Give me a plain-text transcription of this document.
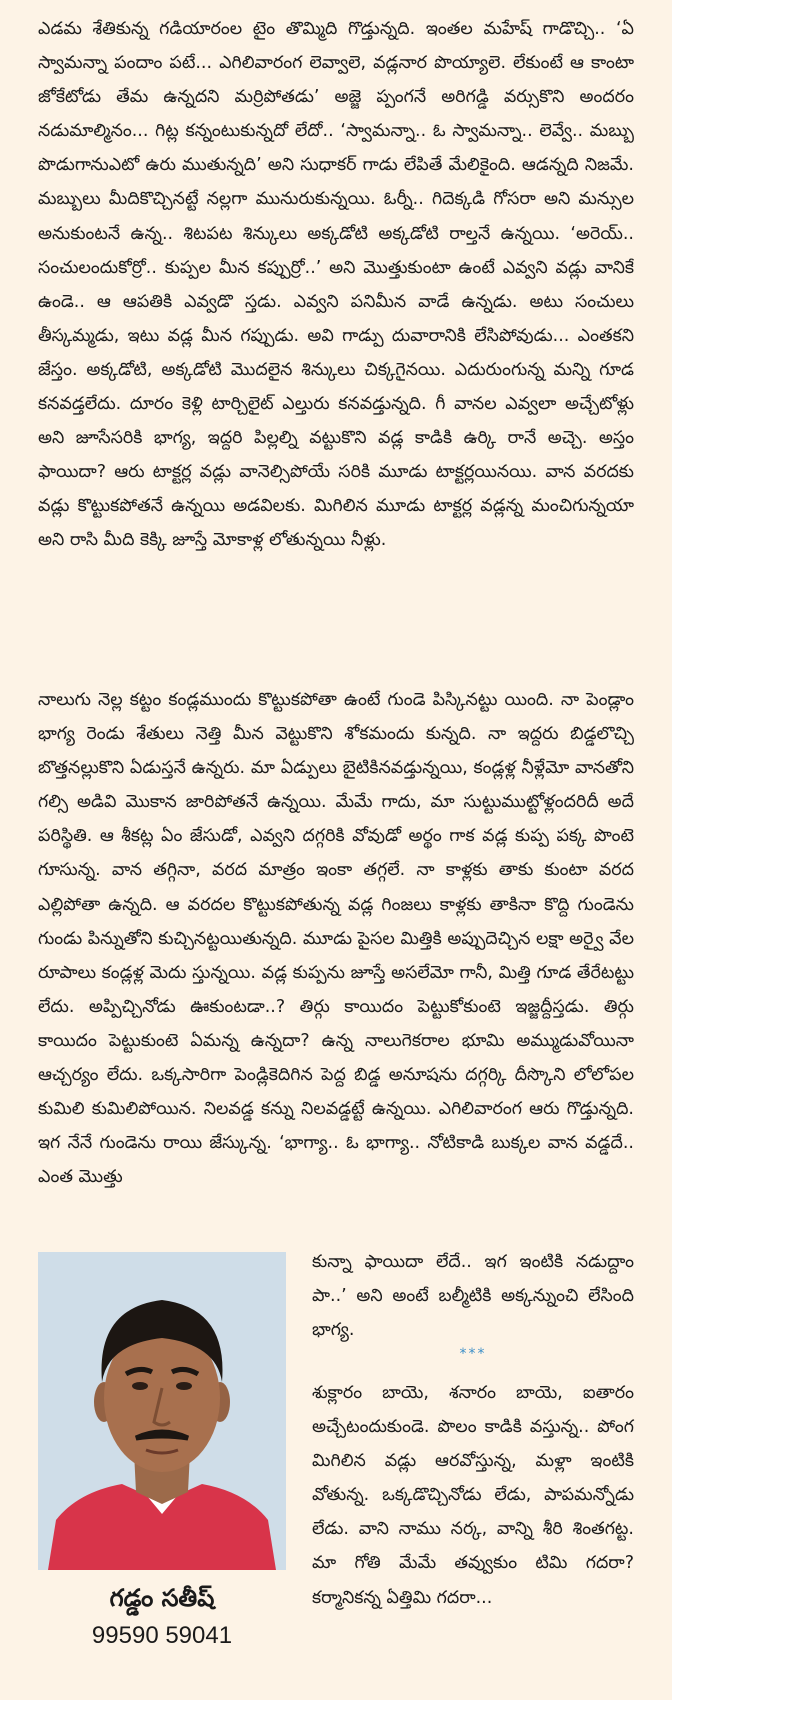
ఎడమ శేతికున్న గడియారంల టైం తొమ్మిది గొడ్తున్నది. ఇంతల మహేష్ గాడొచ్చి.. ‘ఏ స్వామన్నా పందాం పటే... ఎగిలివారంగ లెవ్వాలె, వడ్లనార పొయ్యాలె. లేకుంటే ఆ కాంటా జోకేటోడు తేమ ఉన్నదని మర్రిపోతడు’ అజ్జె ప్పంగనే అరిగడ్డి వర్సుకొని అందరం నడుమాల్మినం... గిట్ల కన్నంటుకున్నదో లేదో.. ‘స్వామన్నా.. ఓ స్వామన్నా.. లెవ్వే.. మబ్బు పొడుగానుఎటో ఉరు ముతున్నది’ అని సుధాకర్ గాడు లేపితే మేలికైంది. ఆడన్నది నిజమే. మబ్బులు మీదికొచ్చినట్టే నల్లగా మునురుకున్నయి. ఓర్నీ.. గిదెక్కడి గోసరా అని మన్సుల అనుకుంటనే ఉన్న.. శిటపట శిన్కులు అక్కడోటి అక్కడోటి రాల్తనే ఉన్నయి. ‘అరెయ్.. సంచులందుకోర్రో.. కుప్పల మీన కప్పుర్రో..’ అని మొత్తుకుంటా ఉంటే ఎవ్వని వడ్లు వానికే ఉండె.. ఆ ఆపతికి ఎవ్వడొ స్తడు. ఎవ్వని పనిమీన వాడే ఉన్నడు. అటు సంచులు తీస్కమ్మడు, ఇటు వడ్ల మీన గప్పుడు. అవి గాడ్పు దువారానికి లేసిపోవుడు... ఎంతకని జేస్తం. అక్కడోటి, అక్కడోటి మొదలైన శిన్కులు చిక్కగైనయి. ఎదురుంగున్న మన్ని గూడ కనవడ్తలేదు. దూరం కెళ్లి టార్చిలైట్ ఎల్తురు కనవడ్తున్నది. గీ వానల ఎవ్వలా అచ్చేటోళ్లు అని జూసేసరికి భాగ్య, ఇద్దరి పిల్లల్ని వట్టుకొని వడ్ల కాడికి ఉర్కి రానే అచ్చె. అస్తం ఫాయిదా? ఆరు టాక్టర్ల వడ్లు వానెల్సిపోయే సరికి మూడు టాక్టర్లయినయి. వాన వరదకు వడ్లు కొట్టుకపోతనే ఉన్నయి అడవిలకు. మిగిలిన మూడు టాక్టర్ల వడ్లన్న మంచిగున్నయా అని రాసి మీది కెక్కి జూస్తే మోకాళ్ల లోతున్నయి నీళ్లు.

నాలుగు నెల్ల కట్టం కండ్లముందు కొట్టుకపోతా ఉంటే గుండె పిస్కినట్టు యింది. నా పెండ్లాం భాగ్య రెండు శేతులు నెత్తి మీన వెట్టుకొని శోకమందు కున్నది. నా ఇద్దరు బిడ్డలొచ్చి బొత్తనల్లుకొని ఏడుస్తనే ఉన్నరు. మా ఏడ్పులు బైటికినవడ్తున్నయి, కండ్లళ్ల నీళ్లేమో వానతోని గల్సి అడివి మొకాన జారిపోతనే ఉన్నయి. మేమే గాదు, మా సుట్టుముట్టోళ్లందరిదీ అదే పరిస్థితి. ఆ శీకట్ల ఏం జేసుడో, ఎవ్వని దగ్గరికి వోవుడో అర్థం గాక వడ్ల కుప్ప పక్క పొంటె గూసున్న. వాన తగ్గినా, వరద మాత్రం ఇంకా తగ్గలే. నా కాళ్లకు తాకు కుంటా వరద ఎల్లిపోతా ఉన్నది. ఆ వరదల కొట్టుకపోతున్న వడ్ల గింజలు కాళ్లకు తాకినా కొద్ది గుండెను గుండు పిన్నుతోని కుచ్చినట్టయితున్నది. మూడు పైసల మిత్తికి అప్పుదెచ్చిన లక్షా అర్వై వేల రూపాలు కండ్లళ్ల మెదు స్తున్నయి. వడ్ల కుప్పను జూస్తే అసలేమో గానీ, మిత్తి గూడ తేరేటట్టు లేదు. అప్పిచ్చినోడు ఊకుంటడా..? తిర్గు కాయిదం పెట్టుకోకుంటె ఇజ్జద్దీస్తడు. తిర్గు కాయిదం పెట్టుకుంటె ఏమన్న ఉన్నదా? ఉన్న నాలుగెకరాల భూమి అమ్ముడువోయినా ఆచ్చర్యం లేదు. ఒక్కసారిగా పెండ్లికెదిగిన పెద్ద బిడ్డ అనూషను దగ్గర్కి దీస్కొని లోలోపల కుమిలి కుమిలిపోయిన. నిలవడ్డ కన్ను నిలవడ్డట్టే ఉన్నయి. ఎగిలివారంగ ఆరు గొడ్తున్నది. ఇగ నేనే గుండెను రాయి జేస్కున్న. ‘భాగ్యా.. ఓ భాగ్యా.. నోటికాడి బుక్కల వాన వడ్డదే.. ఎంత మొత్తు

కున్నా ఫాయిదా లేదే.. ఇగ ఇంటికి నడుద్దాం పా..’ అని అంటే బల్మీటికి అక్కన్నుంచి లేసింది భాగ్య.

***

శుక్లారం బాయె, శనారం బాయె, ఐతారం అచ్చేటందుకుండె. పొలం కాడికి వస్తున్న.. పోంగ మిగిలిన వడ్లు ఆరవోస్తున్న, మళ్లా ఇంటికి వోతున్న. ఒక్కడొచ్చినోడు లేడు, పాపమన్నోడు లేడు. వాని నాము నర్క, వాన్ని శీరి శింతగట్ట. మా గోతి మేమే తవ్వుకుం టిమి గదరా? కర్మానికన్న ఏత్తిమి గదరా...

గడ్డం సతీష్
99590 59041
